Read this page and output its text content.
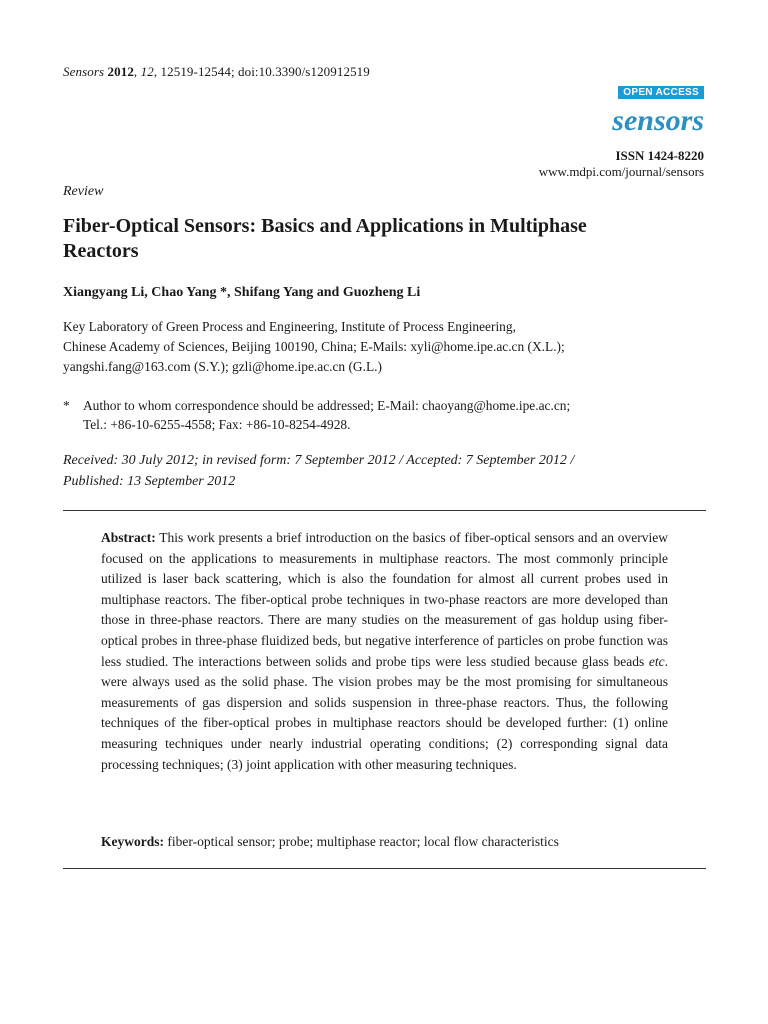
Sensors 2012, 12, 12519-12544; doi:10.3390/s120912519
OPEN ACCESS
sensors
ISSN 1424-8220
www.mdpi.com/journal/sensors
Review
Fiber-Optical Sensors: Basics and Applications in Multiphase Reactors
Xiangyang Li, Chao Yang *, Shifang Yang and Guozheng Li
Key Laboratory of Green Process and Engineering, Institute of Process Engineering,
Chinese Academy of Sciences, Beijing 100190, China; E-Mails: xyli@home.ipe.ac.cn (X.L.);
yangshi.fang@163.com (S.Y.); gzli@home.ipe.ac.cn (G.L.)
* Author to whom correspondence should be addressed; E-Mail: chaoyang@home.ipe.ac.cn;
Tel.: +86-10-6255-4558; Fax: +86-10-8254-4928.
Received: 30 July 2012; in revised form: 7 September 2012 / Accepted: 7 September 2012 /
Published: 13 September 2012
Abstract: This work presents a brief introduction on the basics of fiber-optical sensors and an overview focused on the applications to measurements in multiphase reactors. The most commonly principle utilized is laser back scattering, which is also the foundation for almost all current probes used in multiphase reactors. The fiber-optical probe techniques in two-phase reactors are more developed than those in three-phase reactors. There are many studies on the measurement of gas holdup using fiber-optical probes in three-phase fluidized beds, but negative interference of particles on probe function was less studied. The interactions between solids and probe tips were less studied because glass beads etc. were always used as the solid phase. The vision probes may be the most promising for simultaneous measurements of gas dispersion and solids suspension in three-phase reactors. Thus, the following techniques of the fiber-optical probes in multiphase reactors should be developed further: (1) online measuring techniques under nearly industrial operating conditions; (2) corresponding signal data processing techniques; (3) joint application with other measuring techniques.
Keywords: fiber-optical sensor; probe; multiphase reactor; local flow characteristics
